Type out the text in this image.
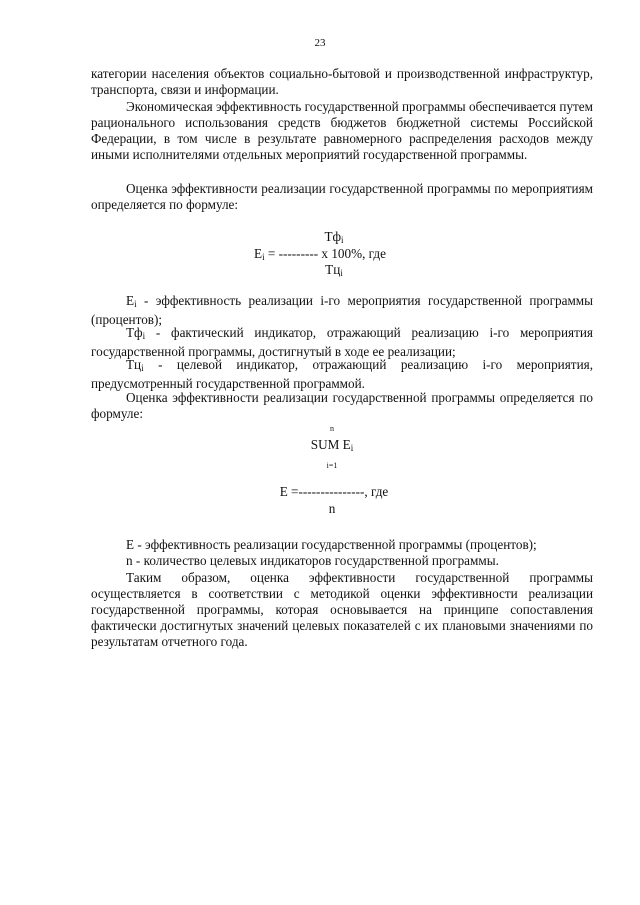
23

категории населения объектов социально-бытовой и производственной инфраструктур, транспорта, связи и информации.

Экономическая эффективность государственной программы обеспечивается путем рационального использования средств бюджетов бюджетной системы Российской Федерации, в том числе в результате равномерного распределения расходов между иными исполнителями отдельных мероприятий государственной программы.

Оценка эффективности реализации государственной программы по мероприятиям определяется по формуле:

$Тф_i$
$E_i$ = --------- х 100%, где
$Тц_i$

$E_i$ - эффективность реализации i-го мероприятия государственной программы (процентов);

$Тф_i$ - фактический индикатор, отражающий реализацию i-го мероприятия государственной программы, достигнутый в ходе ее реализации;

$Тц_i$ - целевой индикатор, отражающий реализацию i-го мероприятия, предусмотренный государственной программой.

Оценка эффективности реализации государственной программы определяется по формуле:

n
SUM $E_i$
i=1
E =---------------, где
n

E - эффективность реализации государственной программы (процентов);

n - количество целевых индикаторов государственной программы.

Таким образом, оценка эффективности государственной программы осуществляется в соответствии с методикой оценки эффективности реализации государственной программы, которая основывается на принципе сопоставления фактически достигнутых значений целевых показателей с их плановыми значениями по результатам отчетного года.
